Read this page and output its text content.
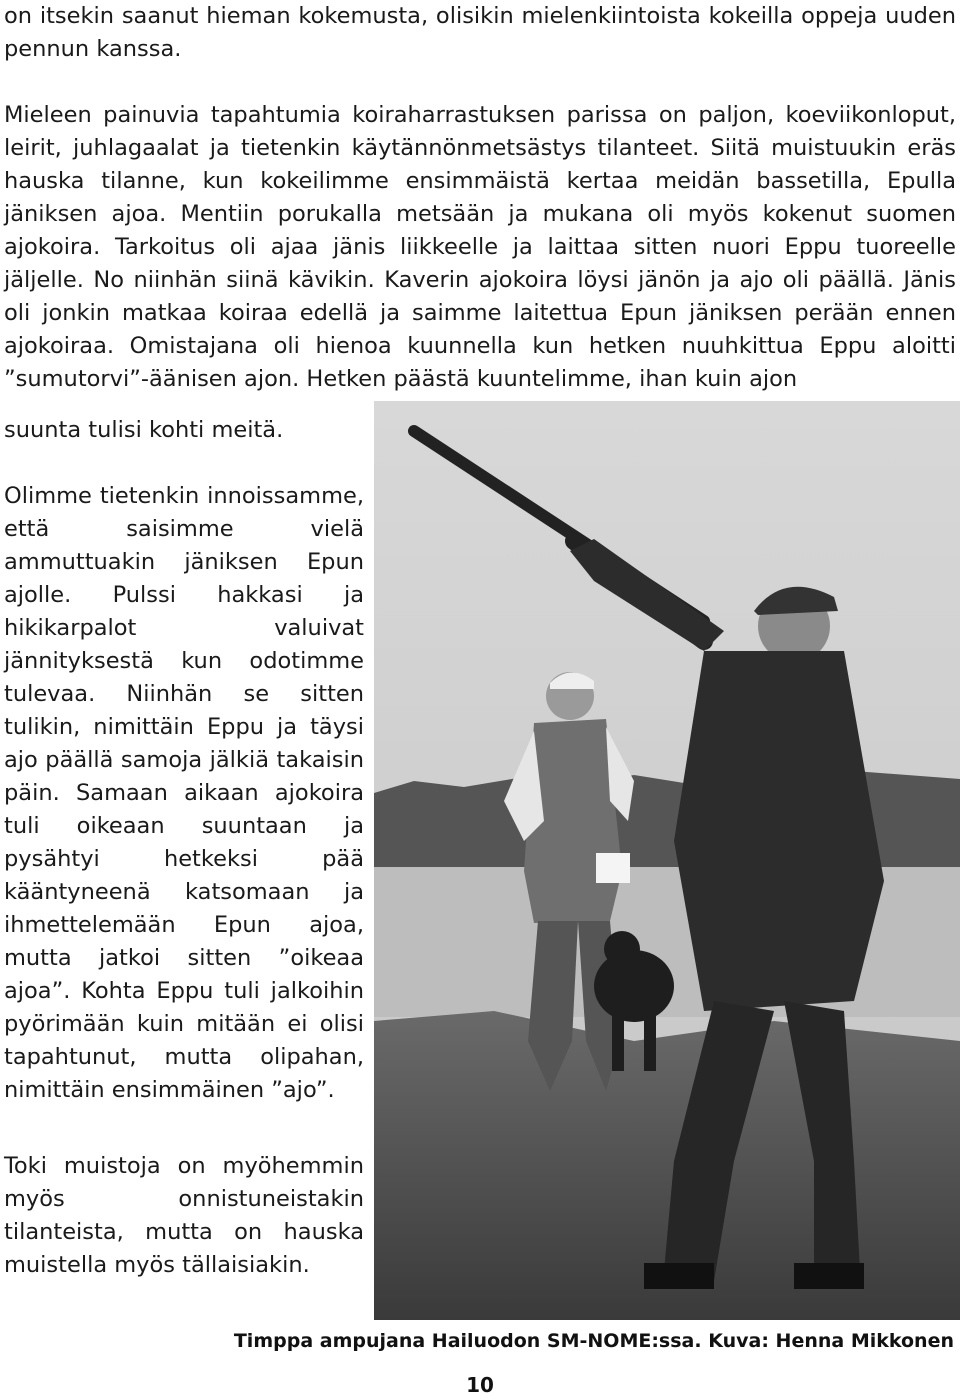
on itsekin saanut hieman kokemusta, olisikin mielenkiintoista kokeilla oppeja uuden pennun kanssa.

Mieleen painuvia tapahtumia koiraharrastuksen parissa on paljon, koeviikonloput, leirit, juhlagaalat ja tietenkin käytännönmetsästys tilanteet. Siitä muistuukin eräs hauska tilanne, kun kokeilimme ensimmäistä kertaa meidän bassetilla, Epulla jäniksen ajoa. Mentiin porukalla metsään ja mukana oli myös kokenut suomen ajokoira. Tarkoitus oli ajaa jänis liikkeelle ja laittaa sitten nuori Eppu tuoreelle jäljelle. No niinhän siinä kävikin. Kaverin ajokoira löysi jänön ja ajo oli päällä. Jänis oli jonkin matkaa koiraa edellä ja saimme laitettua Epun jäniksen perään ennen ajokoiraa. Omistajana oli hienoa kuunnella kun hetken nuuhkittua Eppu aloitti ”sumutorvi”-äänisen ajon. Hetken päästä kuuntelimme, ihan kuin ajon

suunta tulisi kohti meitä.

Olimme tietenkin innoissamme, että saisimme vielä ammuttuakin jäniksen Epun ajolle. Pulssi hakkasi ja hikikarpalot valuivat jännityksestä kun odotimme tulevaa. Niinhän se sitten tulikin, nimittäin Eppu ja täysi ajo päällä samoja jälkiä takaisin päin. Samaan aikaan ajokoira tuli oikeaan suuntaan ja pysähtyi hetkeksi pää kääntyneenä katsomaan ja ihmettelemään Epun ajoa, mutta jatkoi sitten ”oikeaa ajoa”. Kohta Eppu tuli jalkoihin pyörimään kuin mitään ei olisi tapahtunut, mutta olipahan, nimittäin ensimmäinen ”ajo”.

Toki muistoja on myöhemmin myös onnistuneistakin tilanteista, mutta on hauska muistella myös tällaisiakin.

Timppa ampujana Hailuodon SM-NOME:ssa. Kuva: Henna Mikkonen
10
